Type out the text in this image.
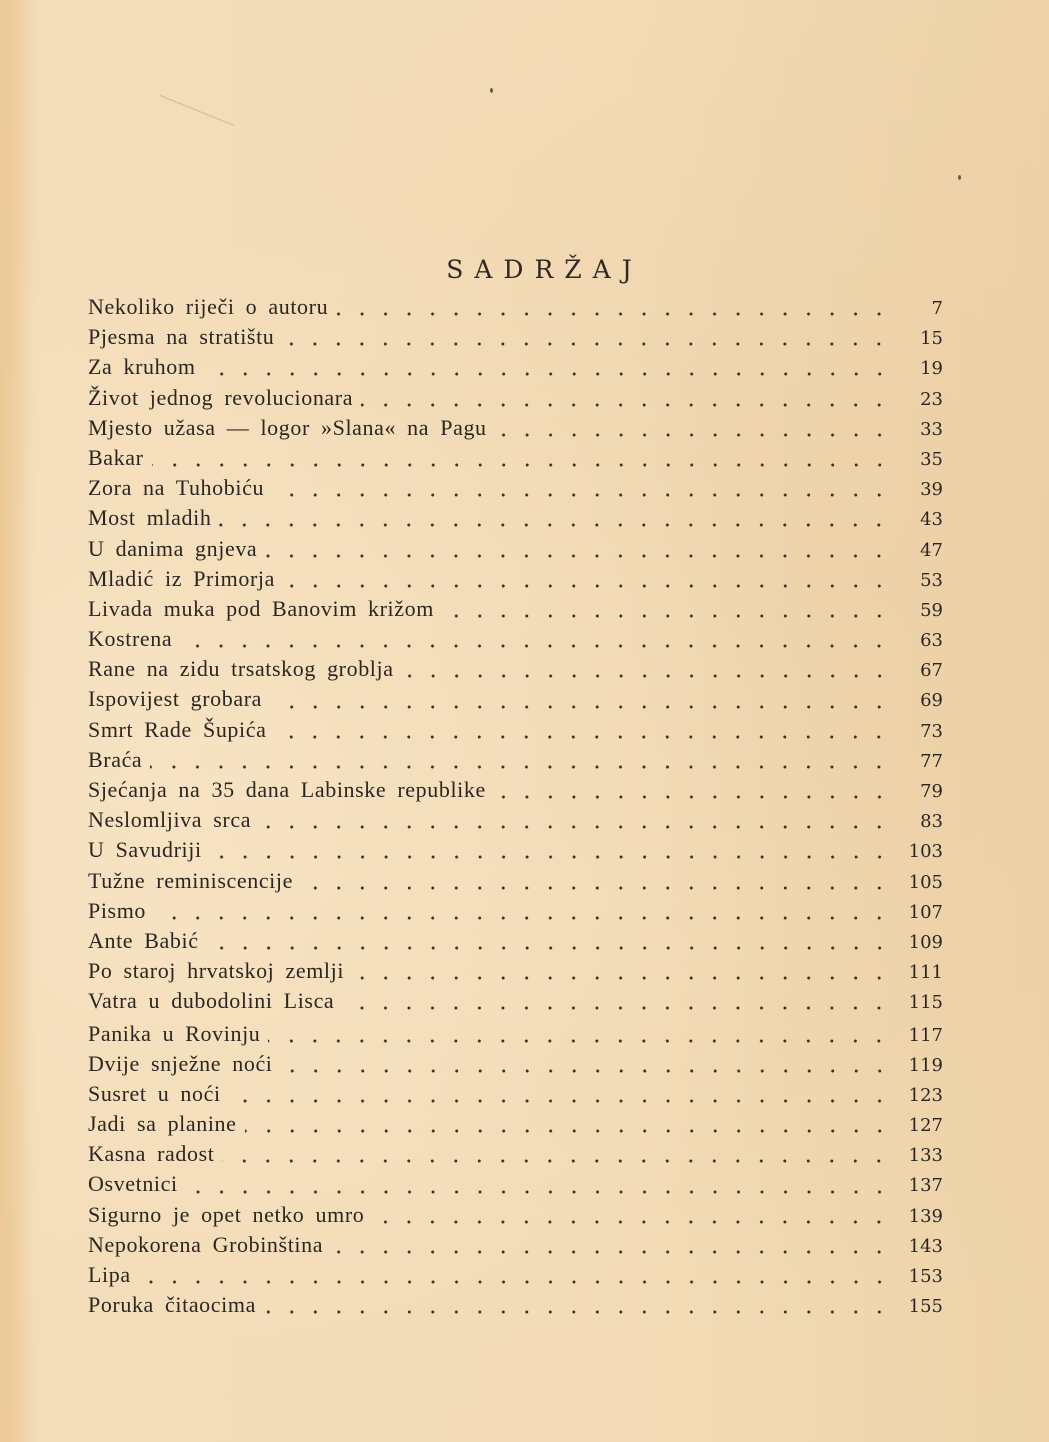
SADRŽAJ
Nekoliko riječi o autoru	7
Pjesma na stratištu	15
Za kruhom	19
Život jednog revolucionara	23
Mjesto užasa — logor »Slana« na Pagu	33
Bakar	35
Zora na Tuhobiću	39
Most mladih	43
U danima gnjeva	47
Mladić iz Primorja	53
Livada muka pod Banovim križom	59
Kostrena	63
Rane na zidu trsatskog groblja	67
Ispovijest grobara	69
Smrt Rade Šupića	73
Braća	77
Sjećanja na 35 dana Labinske republike	79
Neslomljiva srca	83
U Savudriji	103
Tužne reminiscencije	105
Pismo	107
Ante Babić	109
Po staroj hrvatskoj zemlji	111
Vatra u dubodolini Lisca	115
Panika u Rovinju	117
Dvije snježne noći	119
Susret u noći	123
Jadi sa planine	127
Kasna radost	133
Osvetnici	137
Sigurno je opet netko umro	139
Nepokorena Grobinština	143
Lipa	153
Poruka čitaocima	155
